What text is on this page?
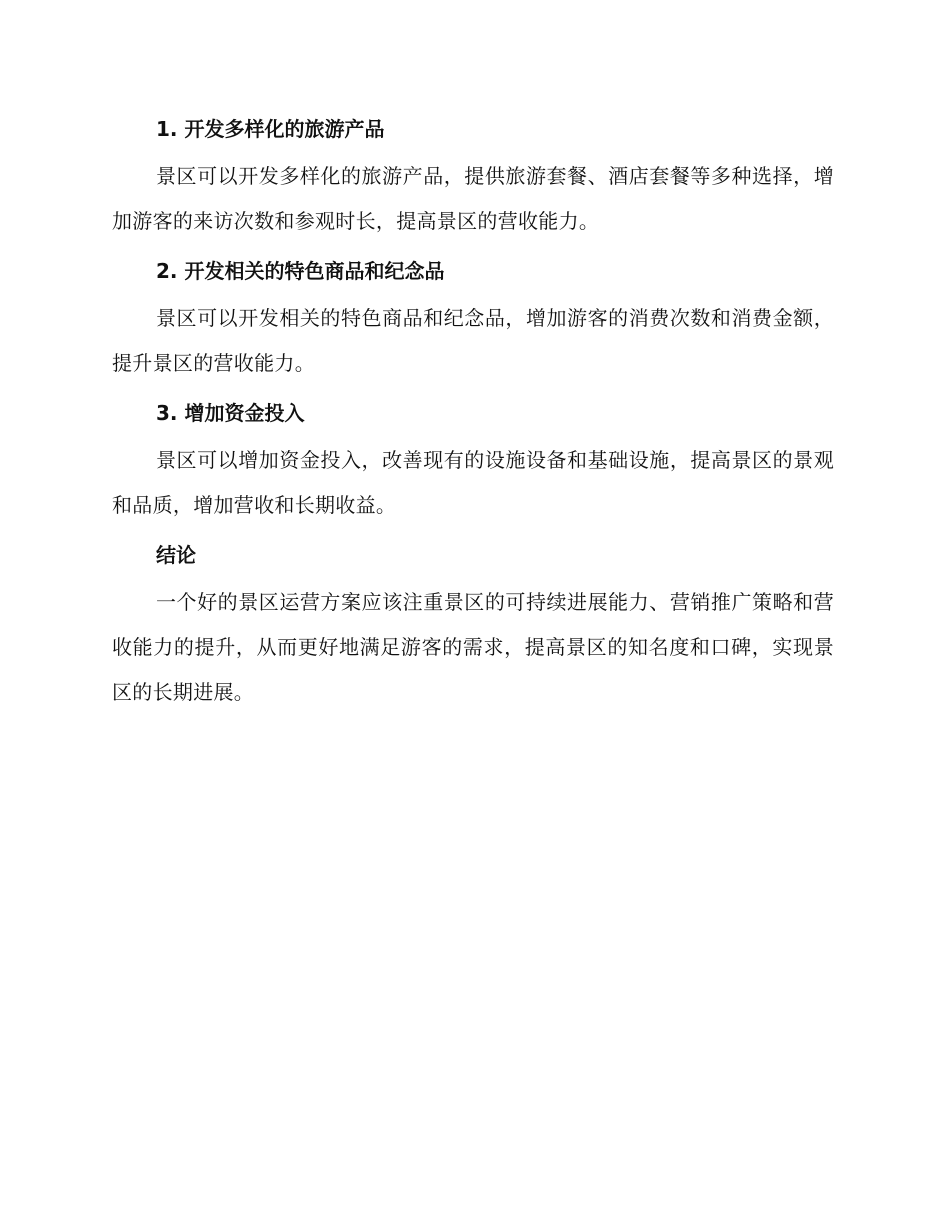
1. 开发多样化的旅游产品

景区可以开发多样化的旅游产品，提供旅游套餐、酒店套餐等多种选择，增加游客的来访次数和参观时长，提高景区的营收能力。

2. 开发相关的特色商品和纪念品

景区可以开发相关的特色商品和纪念品，增加游客的消费次数和消费金额，提升景区的营收能力。

3. 增加资金投入

景区可以增加资金投入，改善现有的设施设备和基础设施，提高景区的景观和品质，增加营收和长期收益。

结论

一个好的景区运营方案应该注重景区的可持续进展能力、营销推广策略和营收能力的提升，从而更好地满足游客的需求，提高景区的知名度和口碑，实现景区的长期进展。
